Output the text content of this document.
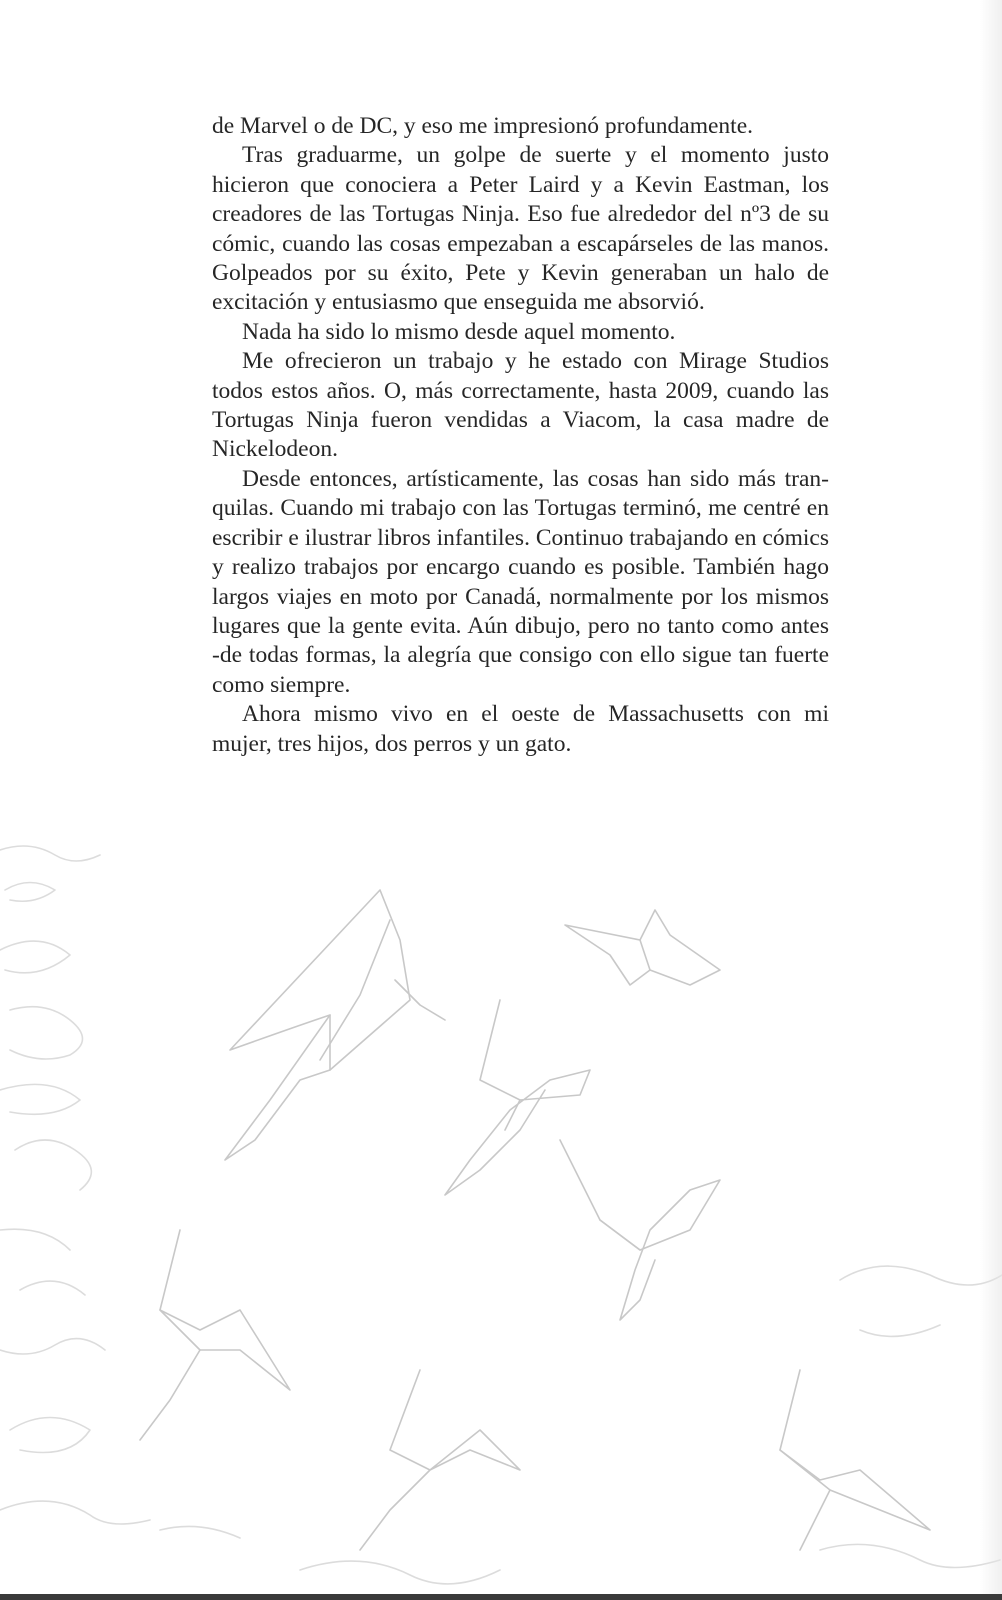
de Marvel o de DC, y eso me impresionó profundamente.

Tras graduarme, un golpe de suerte y el momento justo hicieron que conociera a Peter Laird y a Kevin Eastman, los creadores de las Tortugas Ninja. Eso fue alrededor del nº3 de su cómic, cuando las cosas empezaban a escapárseles de las manos. Golpeados por su éxito, Pete y Kevin generaban un halo de excitación y entusiasmo que enseguida me absorvió.

Nada ha sido lo mismo desde aquel momento.

Me ofrecieron un trabajo y he estado con Mirage Studios todos estos años. O, más correctamente, hasta 2009, cuando las Tortugas Ninja fueron vendidas a Viacom, la casa madre de Nickelodeon.

Desde entonces, artísticamente, las cosas han sido más tranquilas. Cuando mi trabajo con las Tortugas terminó, me centré en escribir e ilustrar libros infantiles. Continuo trabajando en cómics y realizo trabajos por encargo cuando es posible. También hago largos viajes en moto por Canadá, normalmente por los mismos lugares que la gente evita. Aún dibujo, pero no tanto como antes -de todas formas, la alegría que consigo con ello sigue tan fuerte como siempre.

Ahora mismo vivo en el oeste de Massachusetts con mi mujer, tres hijos, dos perros y un gato.
